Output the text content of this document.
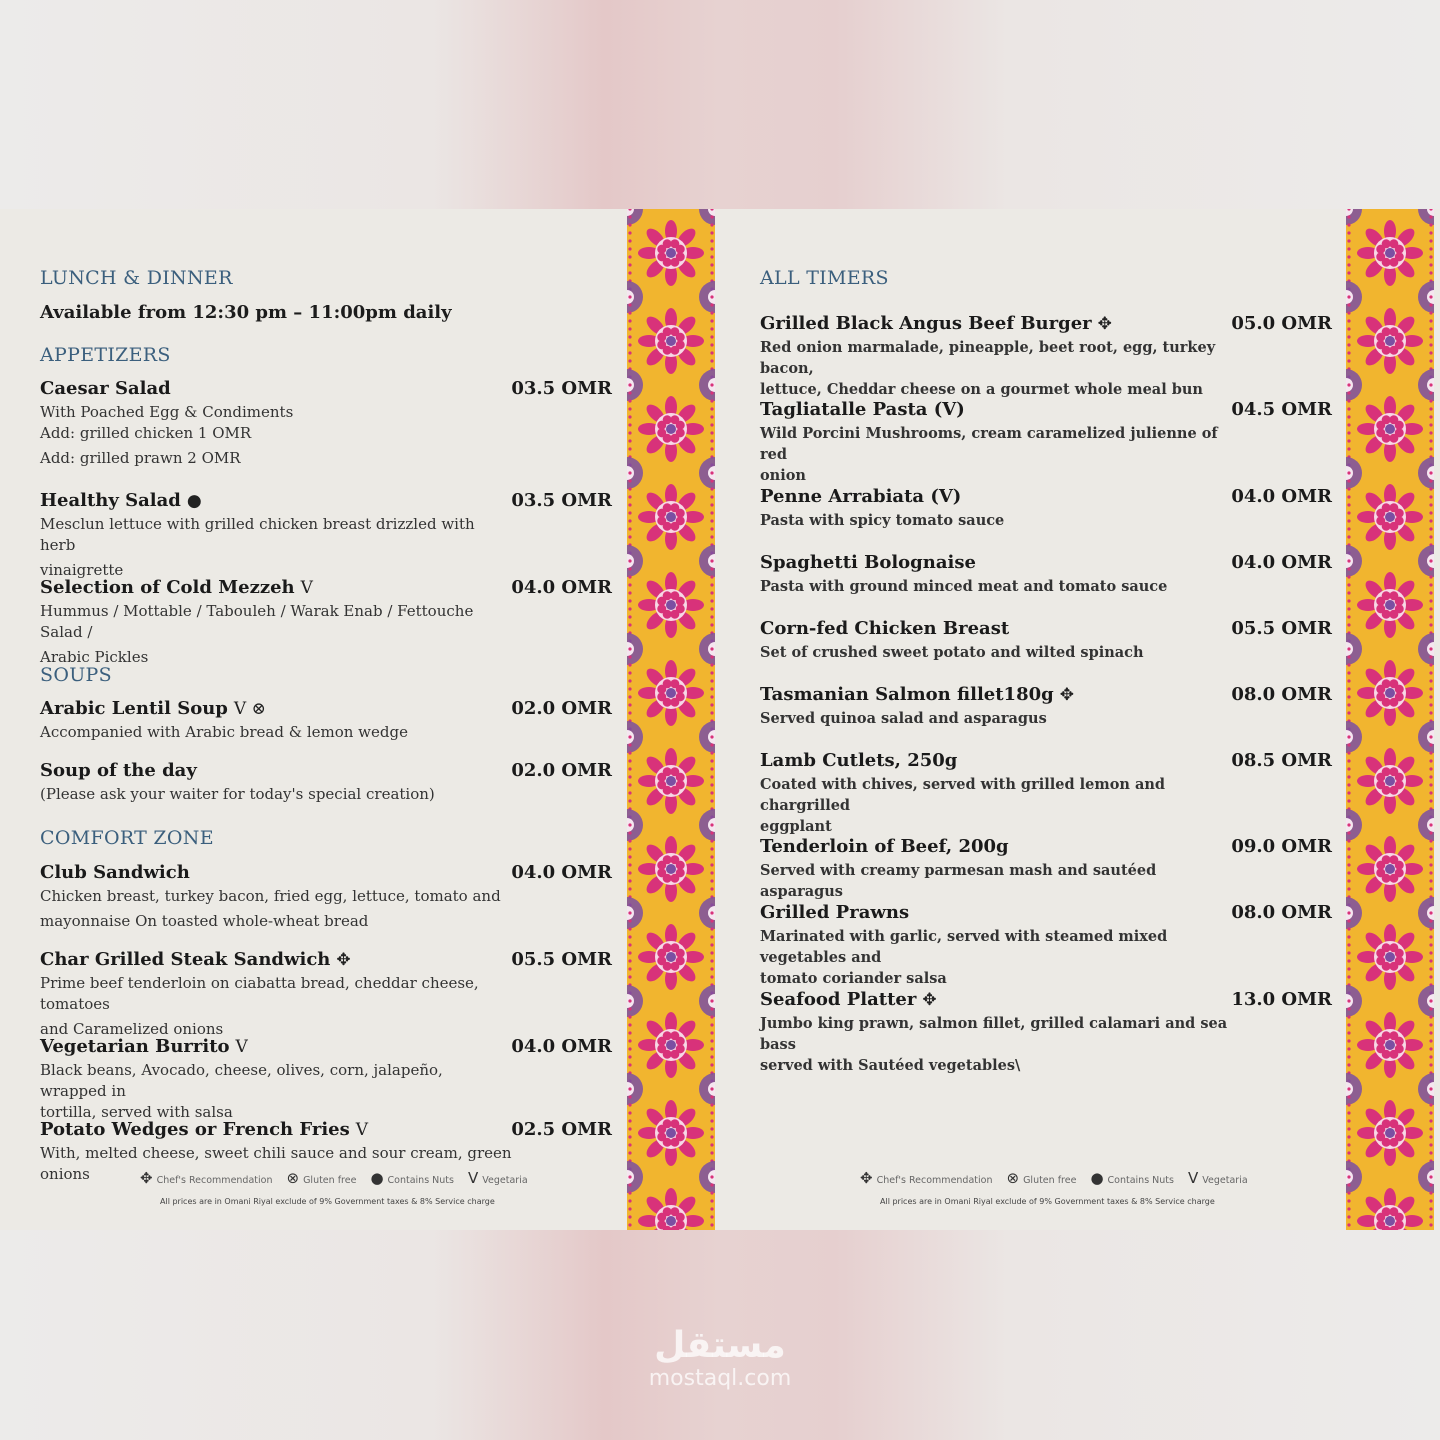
LUNCH & DINNER
Available from 12:30 pm – 11:00pm daily
APPETIZERS
Caesar Salad	03.5 OMR
With Poached Egg & Condiments
Add: grilled chicken 1 OMR
Add: grilled prawn 2 OMR
Healthy Salad ●	03.5 OMR
Mesclun lettuce with grilled chicken breast drizzled with herb
vinaigrette
Selection of Cold Mezzeh V	04.0 OMR
Hummus / Mottable / Tabouleh / Warak Enab / Fettouche Salad /
Arabic Pickles
SOUPS
Arabic Lentil Soup V ⊗	02.0 OMR
Accompanied with Arabic bread & lemon wedge
Soup of the day	02.0 OMR
(Please ask your waiter for today's special creation)
COMFORT ZONE
Club Sandwich	04.0 OMR
Chicken breast, turkey bacon, fried egg, lettuce, tomato and
mayonnaise On toasted whole-wheat bread
Char Grilled Steak Sandwich ✥	05.5 OMR
Prime beef tenderloin on ciabatta bread, cheddar cheese, tomatoes
and Caramelized onions
Vegetarian Burrito V	04.0 OMR
Black beans, Avocado, cheese, olives, corn, jalapeño, wrapped in
tortilla, served with salsa
Potato Wedges or French Fries V	02.5 OMR
With, melted cheese, sweet chili sauce and sour cream, green onions	✥ Chef's Recommendation ⊗ Gluten free ● Contains Nuts V Vegetaria
All prices are in Omani Riyal exclude of 9% Government taxes & 8% Service charge
ALL TIMERS
Grilled Black Angus Beef Burger ✥	05.0 OMR
Red onion marmalade, pineapple, beet root, egg, turkey bacon,
lettuce, Cheddar cheese on a gourmet whole meal bun
Tagliatalle Pasta (V)	04.5 OMR
Wild Porcini Mushrooms, cream caramelized julienne of red
onion
Penne Arrabiata (V)	04.0 OMR
Pasta with spicy tomato sauce
Spaghetti Bolognaise	04.0 OMR
Pasta with ground minced meat and tomato sauce
Corn-fed Chicken Breast	05.5 OMR
Set of crushed sweet potato and wilted spinach
Tasmanian Salmon fillet180g ✥	08.0 OMR
Served quinoa salad and asparagus
Lamb Cutlets, 250g	08.5 OMR
Coated with chives, served with grilled lemon and chargrilled
eggplant
Tenderloin of Beef, 200g	09.0 OMR
Served with creamy parmesan mash and sautéed asparagus
Grilled Prawns	08.0 OMR
Marinated with garlic, served with steamed mixed vegetables and
tomato coriander salsa
Seafood Platter ✥	13.0 OMR
Jumbo king prawn, salmon fillet, grilled calamari and sea bass
served with Sautéed vegetables\
✥ Chef's Recommendation ⊗ Gluten free ● Contains Nuts V Vegetaria
All prices are in Omani Riyal exclude of 9% Government taxes & 8% Service charge
مستقل
mostaql.com
